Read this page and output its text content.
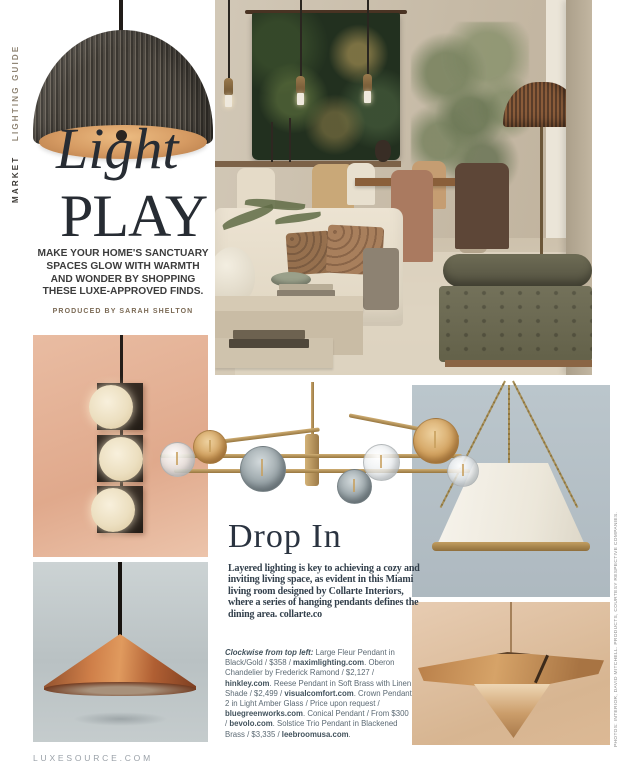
MARKET LIGHTING GUIDE
Light
PLAY
MAKE YOUR HOME'S SANCTUARY SPACES GLOW WITH WARMTH AND WONDER BY SHOPPING THESE LUXE-APPROVED FINDS.
PRODUCED BY SARAH SHELTON
Drop In
Layered lighting is key to achieving a cozy and inviting living space, as evident in this Miami living room designed by Collarte Interiors, where a series of hanging pendants defines the dining area. collarte.co
Clockwise from top left: Large Fleur Pendant in Black/Gold / $358 / maximlighting.com. Oberon Chandelier by Frederick Ramond / $2,127 / hinkley.com. Reese Pendant in Soft Brass with Linen Shade / $2,499 / visualcomfort.com. Crown Pendant 2 in Light Amber Glass / Price upon request / bluegreenworks.com. Conical Pendant / From $300 / bevolo.com. Solstice Trio Pendant in Blackened Brass / $3,335 / leebroomusa.com.
LUXESOURCE.COM
PHOTOS: INTERIOR, DAVID MITCHELL. PRODUCTS, COURTESY RESPECTIVE COMPANIES.
